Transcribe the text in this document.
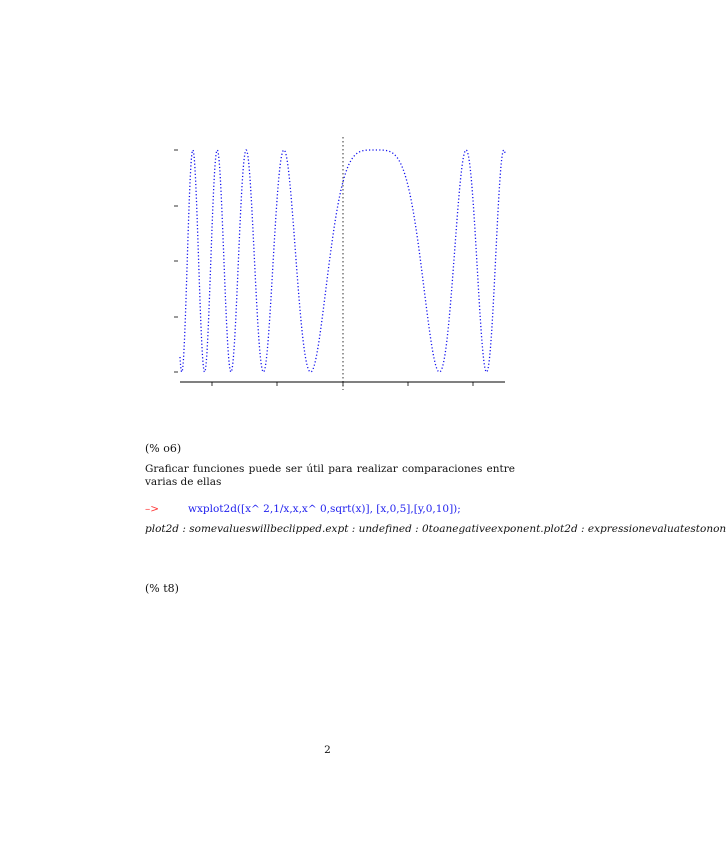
(% o6)
Graficar funciones puede ser útil para realizar comparaciones entre varias de ellas
–>	wxplot2d([x^ 2,1/x,x,x^ 0,sqrt(x)], [x,0,5],[y,0,10]);
plot2d : somevalueswillbeclipped.expt : undefined : 0toanegativeexponent.plot2d : expressionevaluatestonon
(% t8)
2
